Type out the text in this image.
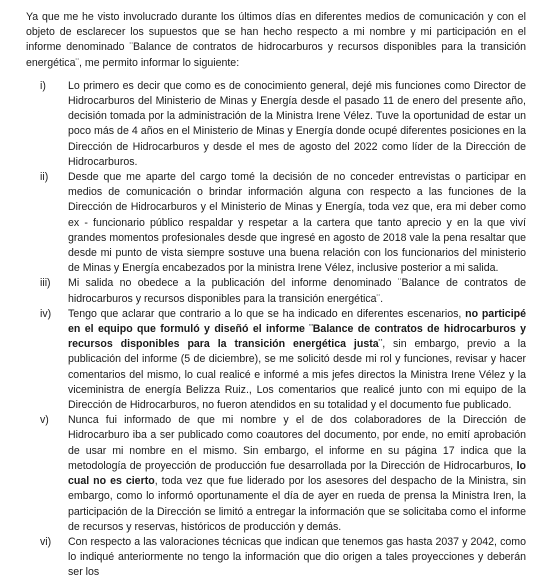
Ya que me he visto involucrado durante los últimos días en diferentes medios de comunicación y con el objeto de esclarecer los supuestos que se han hecho respecto a mi nombre y mi participación en el informe denominado ¨Balance de contratos de hidrocarburos y recursos disponibles para la transición energética¨, me permito informar lo siguiente:

i)	Lo primero es decir que como es de conocimiento general, dejé mis funciones como Director de Hidrocarburos del Ministerio de Minas y Energía desde el pasado 11 de enero del presente año, decisión tomada por la administración de la Ministra Irene Vélez. Tuve la oportunidad de estar un poco más de 4 años en el Ministerio de Minas y Energía donde ocupé diferentes posiciones en la Dirección de Hidrocarburos y desde el mes de agosto del 2022 como líder de la Dirección de Hidrocarburos.
ii)	Desde que me aparte del cargo tomé la decisión de no conceder entrevistas o participar en medios de comunicación o brindar información alguna con respecto a las funciones de la Dirección de Hidrocarburos y el Ministerio de Minas y Energía, toda vez que, era mi deber como ex - funcionario público respaldar y respetar a la cartera que tanto aprecio y en la que viví grandes momentos profesionales desde que ingresé en agosto de 2018 vale la pena resaltar que desde mi punto de vista siempre sostuve una buena relación con los funcionarios del ministerio de Minas y Energía encabezados por la ministra Irene Vélez, inclusive posterior a mi salida.
iii)	Mi salida no obedece a la publicación del informe denominado ¨Balance de contratos de hidrocarburos y recursos disponibles para la transición energética¨.
iv)	Tengo que aclarar que contrario a lo que se ha indicado en diferentes escenarios, no participé en el equipo que formuló y diseñó el informe ¨Balance de contratos de hidrocarburos y recursos disponibles para la transición energética justa¨, sin embargo, previo a la publicación del informe (5 de diciembre), se me solicitó desde mi rol y funciones, revisar y hacer comentarios del mismo, lo cual realicé e informé a mis jefes directos la Ministra Irene Vélez y la viceministra de energía Belizza Ruiz., Los comentarios que realicé junto con mi equipo de la Dirección de Hidrocarburos, no fueron atendidos en su totalidad y el documento fue publicado.
v)	Nunca fui informado de que mi nombre y el de dos colaboradores de la Dirección de Hidrocarburo iba a ser publicado como coautores del documento, por ende, no emití aprobación de usar mi nombre en el mismo. Sin embargo, el informe en su página 17 indica que la metodología de proyección de producción fue desarrollada por la Dirección de Hidrocarburos, lo cual no es cierto, toda vez que fue liderado por los asesores del despacho de la Ministra, sin embargo, como lo informó oportunamente el día de ayer en rueda de prensa la Ministra Iren, la participación de la Dirección se limitó a entregar la información que se solicitaba como el informe de recursos y reservas, históricos de producción y demás.
vi)	Con respecto a las valoraciones técnicas que indican que tenemos gas hasta 2037 y 2042, como lo indiqué anteriormente no tengo la información que dio origen a tales proyecciones y deberán ser los
